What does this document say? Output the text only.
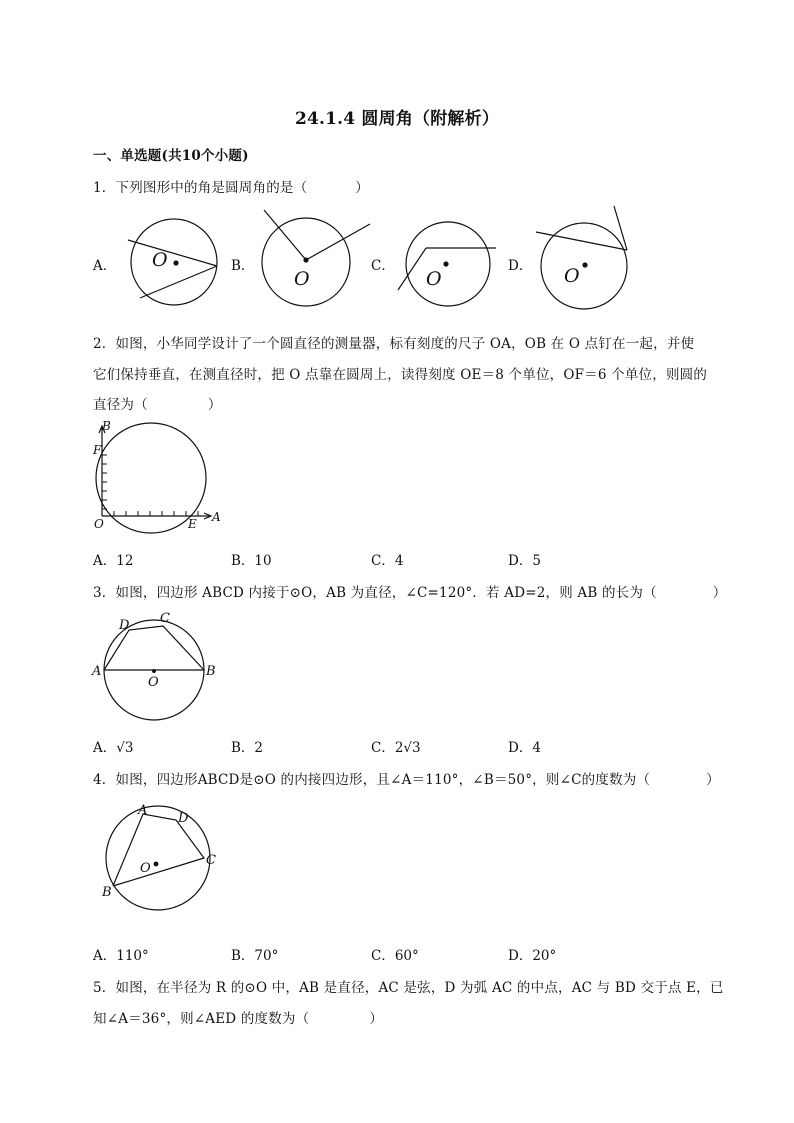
24.1.4 圆周角（附解析）
一、单选题(共10个小题)
1．下列图形中的角是圆周角的是（	）
A． O	B．
O
C．
O
D． O
2．如图，小华同学设计了一个圆直径的测量器，标有刻度的尺子 OA，OB 在 O 点钉在一起，并使
它们保持垂直，在测直径时，把 O 点靠在圆周上，读得刻度 OE＝8 个单位，OF＝6 个单位，则圆的
直径为（	）
B
F
O	E A
A．12	B．10	C．4	D．5
3．如图，四边形 ABCD 内接于⊙O，AB 为直径，∠C=120°．若 AD=2，则 AB 的长为（	）
A	B
C
D
O
A．√3	B．2	C．2√3	D．4
4．如图，四边形ABCD是⊙O 的内接四边形，且∠A＝110°，∠B＝50°，则∠C的度数为（	）
A
B
C
D
O
A．110°	B．70°	C．60°	D．20°
5．如图，在半径为 R 的⊙O 中，AB 是直径，AC 是弦，D 为弧 AC 的中点，AC 与 BD 交于点 E，已
知∠A＝36°，则∠AED 的度数为（	）
